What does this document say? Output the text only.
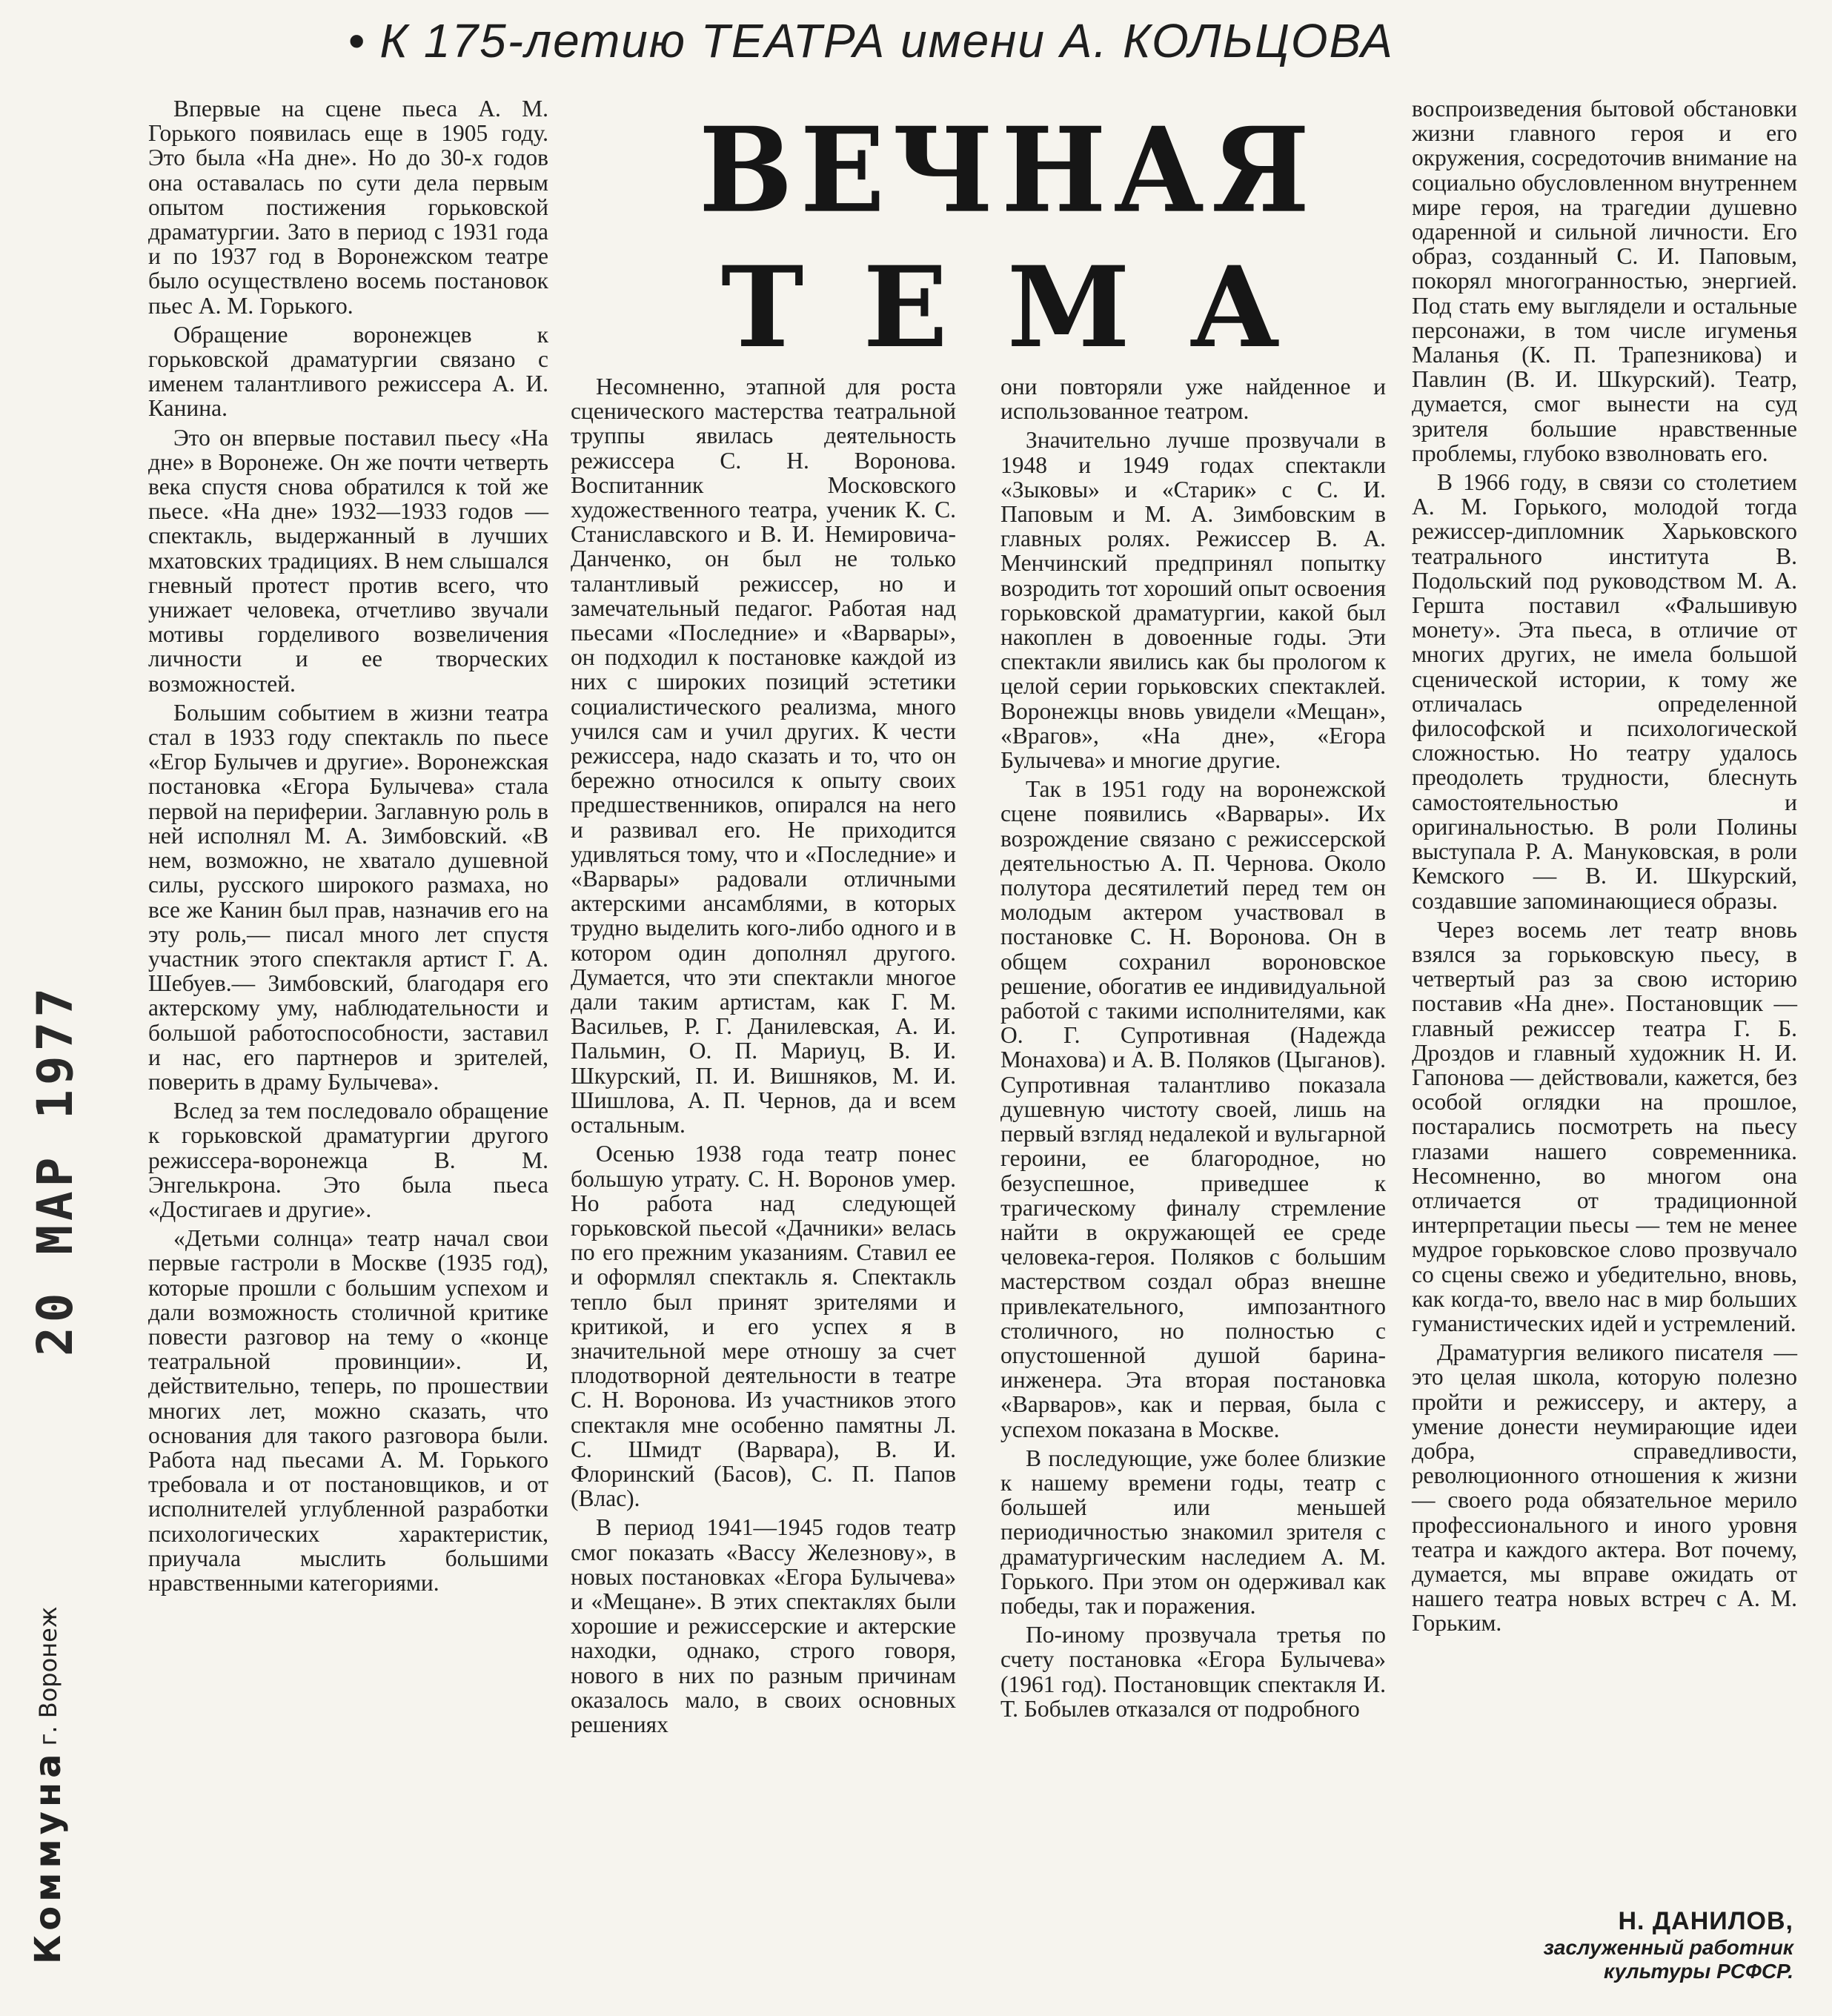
• К 175-летию ТЕАТРА имени А. КОЛЬЦОВА
ВЕЧНАЯ
ТЕМА

Впервые на сцене пьеса А. М. Горького появилась еще в 1905 году. Это была «На дне». Но до 30-х годов она оставалась по сути дела первым опытом постижения горьковской драматургии. Зато в период с 1931 года и по 1937 год в Воронежском театре было осуществлено восемь постановок пьес А. М. Горького.

Обращение воронежцев к горьковской драматургии связано с именем талантливого режиссера А. И. Канина.

Это он впервые поставил пьесу «На дне» в Воронеже. Он же почти четверть века спустя снова обратился к той же пьесе. «На дне» 1932—1933 годов — спектакль, выдержанный в лучших мхатовских традициях. В нем слышался гневный протест против всего, что унижает человека, отчетливо звучали мотивы горделивого возвеличения личности и ее творческих возможностей.

Большим событием в жизни театра стал в 1933 году спектакль по пьесе «Егор Булычев и другие». Воронежская постановка «Егора Булычева» стала первой на периферии. Заглавную роль в ней исполнял М. А. Зимбовский. «В нем, возможно, не хватало душевной силы, русского широкого размаха, но все же Канин был прав, назначив его на эту роль,— писал много лет спустя участник этого спектакля артист Г. А. Шебуев.— Зимбовский, благодаря его актерскому уму, наблюдательности и большой работоспособности, заставил и нас, его партнеров и зрителей, поверить в драму Булычева».

Вслед за тем последовало обращение к горьковской драматургии другого режиссера-воронежца В. М. Энгелькрона. Это была пьеса «Достигаев и другие».

«Детьми солнца» театр начал свои первые гастроли в Москве (1935 год), которые прошли с большим успехом и дали возможность столичной критике повести разговор на тему о «конце театральной провинции». И, действительно, теперь, по прошествии многих лет, можно сказать, что основания для такого разговора были. Работа над пьесами А. М. Горького требовала и от постановщиков, и от исполнителей углубленной разработки психологических характеристик, приучала мыслить большими нравственными категориями.

Несомненно, этапной для роста сценического мастерства театральной труппы явилась деятельность режиссера С. Н. Воронова. Воспитанник Московского художественного театра, ученик К. С. Станиславского и В. И. Немировича-Данченко, он был не только талантливый режиссер, но и замечательный педагог. Работая над пьесами «Последние» и «Варвары», он подходил к постановке каждой из них с широких позиций эстетики социалистического реализма, много учился сам и учил других. К чести режиссера, надо сказать и то, что он бережно относился к опыту своих предшественников, опирался на него и развивал его. Не приходится удивляться тому, что и «Последние» и «Варвары» радовали отличными актерскими ансамблями, в которых трудно выделить кого-либо одного и в котором один дополнял другого. Думается, что эти спектакли многое дали таким артистам, как Г. М. Васильев, Р. Г. Данилевская, А. И. Пальмин, О. П. Мариуц, В. И. Шкурский, П. И. Вишняков, М. И. Шишлова, А. П. Чернов, да и всем остальным.

Осенью 1938 года театр понес большую утрату. С. Н. Воронов умер. Но работа над следующей горьковской пьесой «Дачники» велась по его прежним указаниям. Ставил ее и оформлял спектакль я. Спектакль тепло был принят зрителями и критикой, и его успех я в значительной мере отношу за счет плодотворной деятельности в театре С. Н. Воронова. Из участников этого спектакля мне особенно памятны Л. С. Шмидт (Варвара), В. И. Флоринский (Басов), С. П. Папов (Влас).

В период 1941—1945 годов театр смог показать «Вассу Железнову», в новых постановках «Егора Булычева» и «Мещане». В этих спектаклях были хорошие и режиссерские и актерские находки, однако, строго говоря, нового в них по разным причинам оказалось мало, в своих основных решениях

они повторяли уже найденное и использованное театром.

Значительно лучше прозвучали в 1948 и 1949 годах спектакли «Зыковы» и «Старик» с С. И. Паповым и М. А. Зимбовским в главных ролях. Режиссер В. А. Менчинский предпринял попытку возродить тот хороший опыт освоения горьковской драматургии, какой был накоплен в довоенные годы. Эти спектакли явились как бы прологом к целой серии горьковских спектаклей. Воронежцы вновь увидели «Мещан», «Врагов», «На дне», «Егора Булычева» и многие другие.

Так в 1951 году на воронежской сцене появились «Варвары». Их возрождение связано с режиссерской деятельностью А. П. Чернова. Около полутора десятилетий перед тем он молодым актером участвовал в постановке С. Н. Воронова. Он в общем сохранил вороновское решение, обогатив ее индивидуальной работой с такими исполнителями, как О. Г. Супротивная (Надежда Монахова) и А. В. Поляков (Цыганов). Супротивная талантливо показала душевную чистоту своей, лишь на первый взгляд недалекой и вульгарной героини, ее благородное, но безуспешное, приведшее к трагическому финалу стремление найти в окружающей ее среде человека-героя. Поляков с большим мастерством создал образ внешне привлекательного, импозантного столичного, но полностью с опустошенной душой барина-инженера. Эта вторая постановка «Варваров», как и первая, была с успехом показана в Москве.

В последующие, уже более близкие к нашему времени годы, театр с большей или меньшей периодичностью знакомил зрителя с драматургическим наследием А. М. Горького. При этом он одерживал как победы, так и поражения.

По-иному прозвучала третья по счету постановка «Егора Булычева» (1961 год). Постановщик спектакля И. Т. Бобылев отказался от подробного

воспроизведения бытовой обстановки жизни главного героя и его окружения, сосредоточив внимание на социально обусловленном внутреннем мире героя, на трагедии душевно одаренной и сильной личности. Его образ, созданный С. И. Паповым, покорял многогранностью, энергией. Под стать ему выглядели и остальные персонажи, в том числе игуменья Маланья (К. П. Трапезникова) и Павлин (В. И. Шкурский). Театр, думается, смог вынести на суд зрителя большие нравственные проблемы, глубоко взволновать его.

В 1966 году, в связи со столетием А. М. Горького, молодой тогда режиссер-дипломник Харьковского театрального института В. Подольский под руководством М. А. Гершта поставил «Фальшивую монету». Эта пьеса, в отличие от многих других, не имела большой сценической истории, к тому же отличалась определенной философской и психологической сложностью. Но театру удалось преодолеть трудности, блеснуть самостоятельностью и оригинальностью. В роли Полины выступала Р. А. Мануковская, в роли Кемского — В. И. Шкурский, создавшие запоминающиеся образы.

Через восемь лет театр вновь взялся за горьковскую пьесу, в четвертый раз за свою историю поставив «На дне». Постановщик — главный режиссер театра Г. Б. Дроздов и главный художник Н. И. Гапонова — действовали, кажется, без особой оглядки на прошлое, постарались посмотреть на пьесу глазами нашего современника. Несомненно, во многом она отличается от традиционной интерпретации пьесы — тем не менее мудрое горьковское слово прозвучало со сцены свежо и убедительно, вновь, как когда-то, ввело нас в мир больших гуманистических идей и устремлений.

Драматургия великого писателя — это целая школа, которую полезно пройти и режиссеру, и актеру, а умение донести неумирающие идеи добра, справедливости, революционного отношения к жизни — своего рода обязательное мерило профессионального и иного уровня театра и каждого актера. Вот почему, думается, мы вправе ожидать от нашего театра новых встреч с А. М. Горьким.

Н. ДАНИЛОВ,
заслуженный работник
культуры РСФСР.
20 МАР 1977
Коммуна г. Воронеж
